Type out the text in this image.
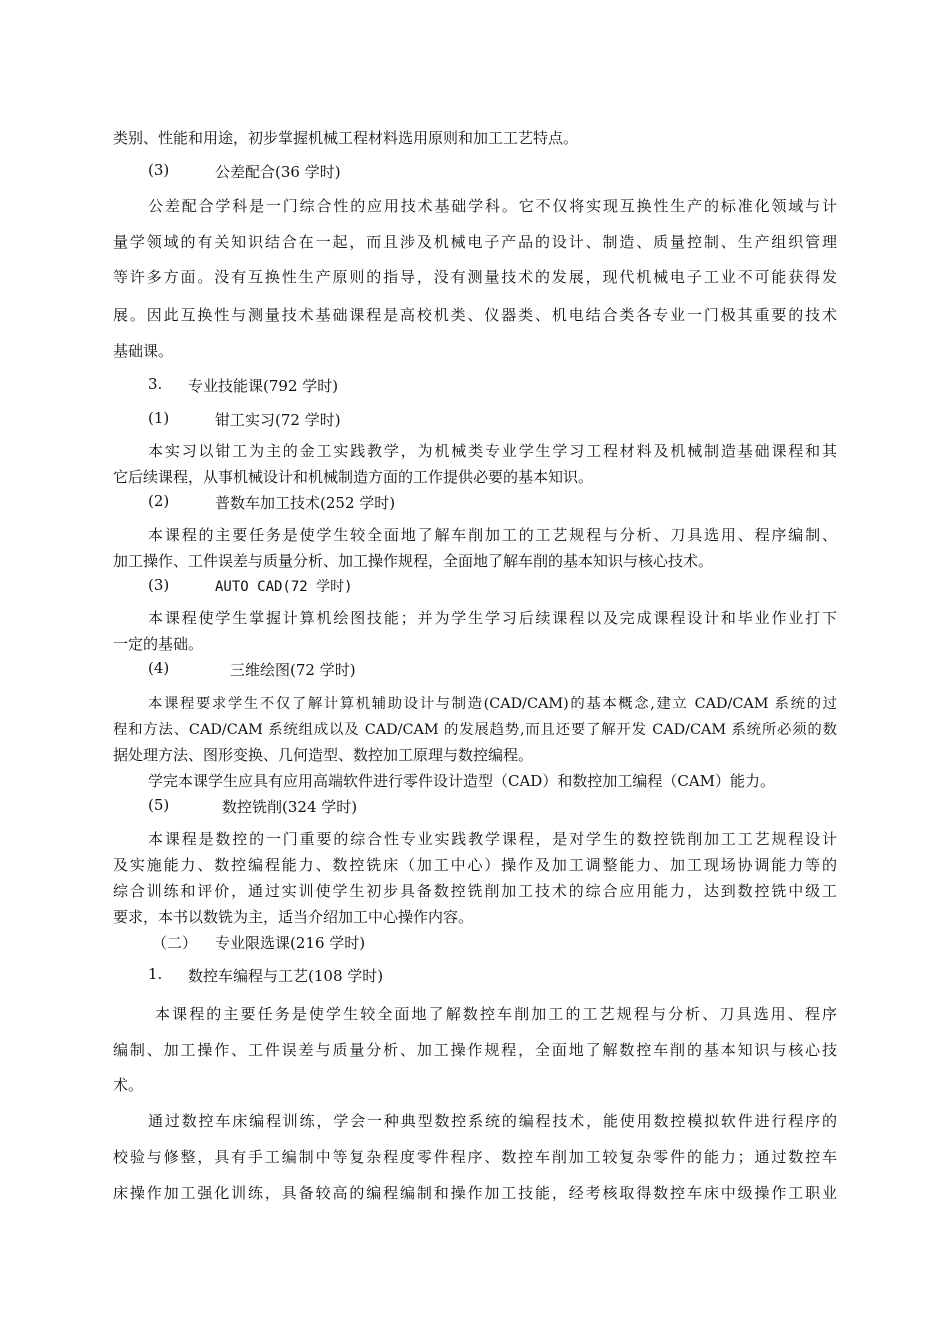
类别、性能和用途，初步掌握机械工程材料选用原则和加工工艺特点。
(3)	公差配合(36 学时)
公差配合学科是一门综合性的应用技术基础学科。它不仅将实现互换性生产的标准化领域与计
量学领域的有关知识结合在一起，而且涉及机械电子产品的设计、制造、质量控制、生产组织管理
等许多方面。没有互换性生产原则的指导，没有测量技术的发展，现代机械电子工业不可能获得发
展。因此互换性与测量技术基础课程是高校机类、仪器类、机电结合类各专业一门极其重要的技术
基础课。
3. 专业技能课(792 学时)
(1)	钳工实习(72 学时)
本实习以钳工为主的金工实践教学，为机械类专业学生学习工程材料及机械制造基础课程和其
它后续课程，从事机械设计和机械制造方面的工作提供必要的基本知识。
(2)	普数车加工技术(252 学时)
本课程的主要任务是使学生较全面地了解车削加工的工艺规程与分析、刀具选用、程序编制、
加工操作、工件误差与质量分析、加工操作规程，全面地了解车削的基本知识与核心技术。
(3)	AUTO CAD(72 学时)
本课程使学生掌握计算机绘图技能；并为学生学习后续课程以及完成课程设计和毕业作业打下
一定的基础。
(4)	三维绘图(72 学时)
本课程要求学生不仅了解计算机辅助设计与制造(CAD/CAM)的基本概念,建立 CAD/CAM 系统的过
程和方法、CAD/CAM 系统组成以及 CAD/CAM 的发展趋势,而且还要了解开发 CAD/CAM 系统所必须的数
据处理方法、图形变换、几何造型、数控加工原理与数控编程。
学完本课学生应具有应用高端软件进行零件设计造型（CAD）和数控加工编程（CAM）能力。
(5)	数控铣削(324 学时)
本课程是数控的一门重要的综合性专业实践教学课程，是对学生的数控铣削加工工艺规程设计
及实施能力、数控编程能力、数控铣床（加工中心）操作及加工调整能力、加工现场协调能力等的
综合训练和评价，通过实训使学生初步具备数控铣削加工技术的综合应用能力，达到数控铣中级工
要求，本书以数铣为主，适当介绍加工中心操作内容。
（二） 专业限选课(216 学时)
1. 数控车编程与工艺(108 学时)
本课程的主要任务是使学生较全面地了解数控车削加工的工艺规程与分析、刀具选用、程序
编制、加工操作、工件误差与质量分析、加工操作规程，全面地了解数控车削的基本知识与核心技
术。
通过数控车床编程训练，学会一种典型数控系统的编程技术，能使用数控模拟软件进行程序的
校验与修整，具有手工编制中等复杂程度零件程序、数控车削加工较复杂零件的能力；通过数控车
床操作加工强化训练，具备较高的编程编制和操作加工技能，经考核取得数控车床中级操作工职业
